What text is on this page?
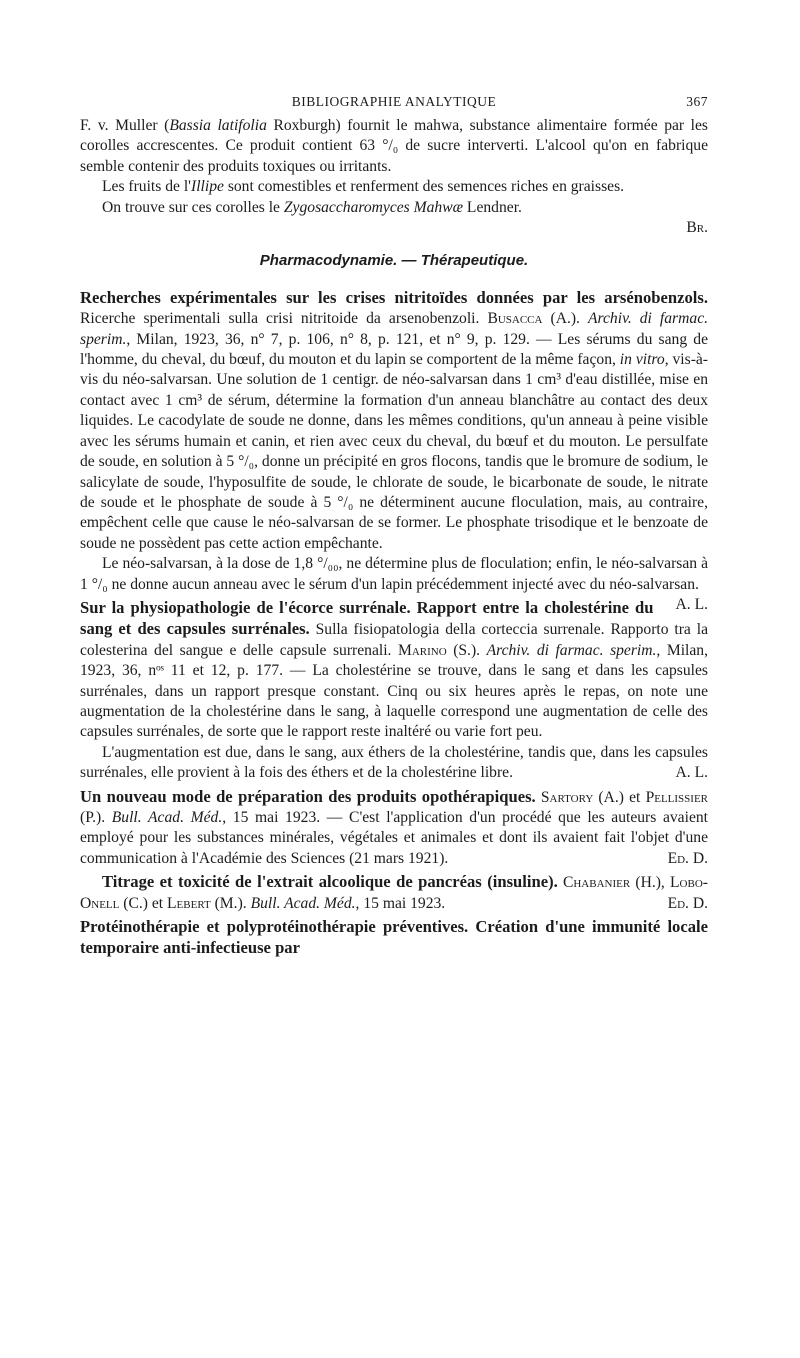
BIBLIOGRAPHIE ANALYTIQUE	367

F. v. Muller (Bassia latifolia Roxburgh) fournit le mahwa, substance alimentaire formée par les corolles accrescentes. Ce produit contient 63 °/₀ de sucre interverti. L'alcool qu'on en fabrique semble contenir des produits toxiques ou irritants.

Les fruits de l'Illipe sont comestibles et renferment des semences riches en graisses.

On trouve sur ces corolles le Zygosaccharomyces Mahwæ Lendner.

Br.

Pharmacodynamie. — Thérapeutique.

Recherches expérimentales sur les crises nitritoïdes données par les arsénobenzols. Ricerche sperimentali sulla crisi nitritoide da arsenobenzoli. Busacca (A.). Archiv. di farmac. sperim., Milan, 1923, 36, n° 7, p. 106, n° 8, p. 121, et n° 9, p. 129. — Les sérums du sang de l'homme, du cheval, du bœuf, du mouton et du lapin se comportent de la même façon, in vitro, vis-à-vis du néo-salvarsan. Une solution de 1 centigr. de néo-salvarsan dans 1 cm³ d'eau distillée, mise en contact avec 1 cm³ de sérum, détermine la formation d'un anneau blanchâtre au contact des deux liquides. Le cacodylate de soude ne donne, dans les mêmes conditions, qu'un anneau à peine visible avec les sérums humain et canin, et rien avec ceux du cheval, du bœuf et du mouton. Le persulfate de soude, en solution à 5 °/₀, donne un précipité en gros flocons, tandis que le bromure de sodium, le salicylate de soude, l'hyposulfite de soude, le chlorate de soude, le bicarbonate de soude, le nitrate de soude et le phosphate de soude à 5 °/₀ ne déterminent aucune floculation, mais, au contraire, empêchent celle que cause le néo-salvarsan de se former. Le phosphate trisodique et le benzoate de soude ne possèdent pas cette action empêchante.

Le néo-salvarsan, à la dose de 1,8 °/₀₀, ne détermine plus de floculation; enfin, le néo-salvarsan à 1 °/₀ ne donne aucun anneau avec le sérum d'un lapin précédemment injecté avec du néo-salvarsan.
A. L.

Sur la physiopathologie de l'écorce surrénale. Rapport entre la cholestérine du sang et des capsules surrénales. Sulla fisiopatologia della corteccia surrenale. Rapporto tra la colesterina del sangue e delle capsule surrenali. Marino (S.). Archiv. di farmac. sperim., Milan, 1923, 36, nᵒˢ 11 et 12, p. 177. — La cholestérine se trouve, dans le sang et dans les capsules surrénales, dans un rapport presque constant. Cinq ou six heures après le repas, on note une augmentation de la cholestérine dans le sang, à laquelle correspond une augmentation de celle des capsules surrénales, de sorte que le rapport reste inaltéré ou varie fort peu.

L'augmentation est due, dans le sang, aux éthers de la cholestérine, tandis que, dans les capsules surrénales, elle provient à la fois des éthers et de la cholestérine libre.	A. L.

Un nouveau mode de préparation des produits opothérapiques. Sartory (A.) et Pellissier (P.). Bull. Acad. Méd., 15 mai 1923. — C'est l'application d'un procédé que les auteurs avaient employé pour les substances minérales, végétales et animales et dont ils avaient fait l'objet d'une communication à l'Académie des Sciences (21 mars 1921).	Ed. D.

Titrage et toxicité de l'extrait alcoolique de pancréas (insuline). Chabanier (H.), Lobo-Onell (C.) et Lebert (M.). Bull. Acad. Méd., 15 mai 1923.	Ed. D.

Protéinothérapie et polyprotéinothérapie préventives. Création d'une immunité locale temporaire anti-infectieuse par
